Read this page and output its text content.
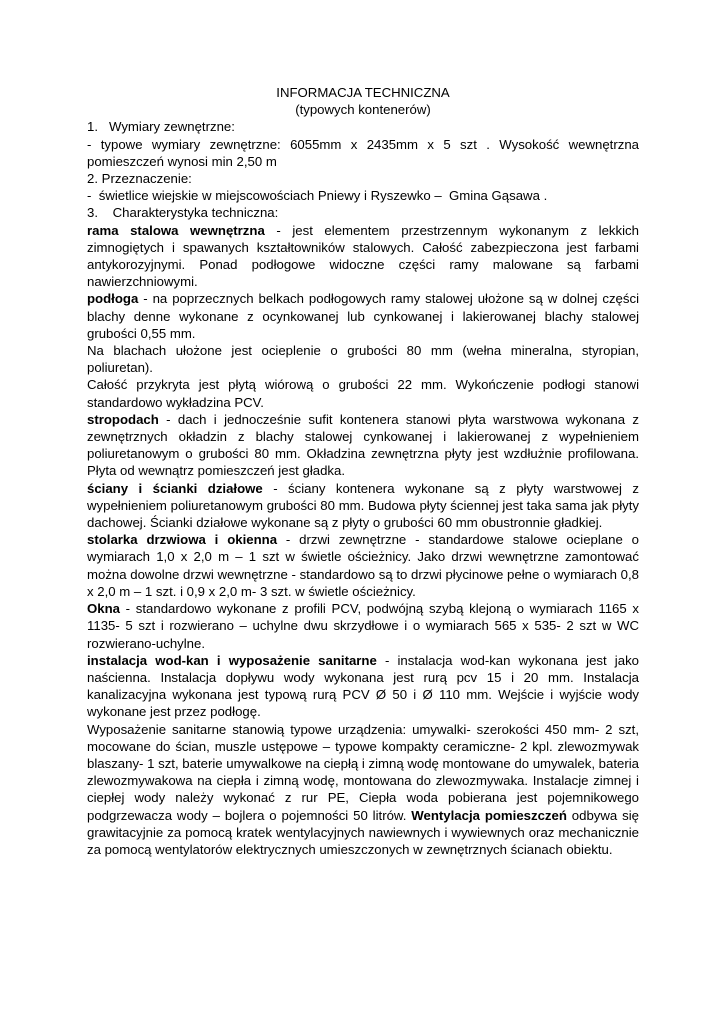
INFORMACJA TECHNICZNA
(typowych kontenerów)
1.   Wymiary zewnętrzne:
- typowe wymiary zewnętrzne: 6055mm x 2435mm x 5 szt . Wysokość wewnętrzna pomieszczeń wynosi min 2,50 m
2. Przeznaczenie:
-  świetlice wiejskie w miejscowościach Pniewy i Ryszewko –  Gmina Gąsawa .
3.    Charakterystyka techniczna:
rama stalowa wewnętrzna - jest elementem przestrzennym wykonanym z lekkich zimnogiętych i spawanych kształtowników stalowych. Całość zabezpieczona jest farbami antykorozyjnymi. Ponad podłogowe widoczne części ramy malowane są farbami nawierzchniowymi.
podłoga - na poprzecznych belkach podłogowych ramy stalowej ułożone są w dolnej części blachy denne wykonane z ocynkowanej lub cynkowanej i lakierowanej blachy stalowej grubości 0,55 mm.
Na blachach ułożone jest ocieplenie o grubości 80 mm (wełna mineralna, styropian, poliuretan).
Całość przykryta jest płytą wiórową o grubości 22 mm. Wykończenie podłogi stanowi standardowo wykładzina PCV.
stropodach - dach i jednocześnie sufit kontenera stanowi płyta warstwowa wykonana z zewnętrznych okładzin z blachy stalowej cynkowanej i lakierowanej z wypełnieniem poliuretanowym o grubości 80 mm. Okładzina zewnętrzna płyty jest wzdłużnie profilowana. Płyta od wewnątrz pomieszczeń jest gładka.
ściany i ścianki działowe - ściany kontenera wykonane są z płyty warstwowej z wypełnieniem poliuretanowym grubości 80 mm. Budowa płyty ściennej jest taka sama jak płyty dachowej. Ścianki działowe wykonane są z płyty o grubości 60 mm obustronnie gładkiej.
stolarka drzwiowa i okienna - drzwi zewnętrzne - standardowe stalowe ocieplane o wymiarach 1,0 x 2,0 m – 1 szt w świetle ościeżnicy. Jako drzwi wewnętrzne zamontować można dowolne drzwi wewnętrzne - standardowo są to drzwi płycinowe pełne o wymiarach 0,8 x 2,0 m – 1 szt. i 0,9 x 2,0 m- 3 szt. w świetle ościeżnicy.
Okna - standardowo wykonane z profili PCV, podwójną szybą klejoną o wymiarach 1165 x 1135- 5 szt i rozwierano – uchylne dwu skrzydłowe i o wymiarach 565 x 535- 2 szt w WC rozwierano-uchylne.
instalacja wod-kan i wyposażenie sanitarne - instalacja wod-kan wykonana jest jako naścienna. Instalacja dopływu wody wykonana jest rurą pcv 15 i 20 mm. Instalacja kanalizacyjna wykonana jest typową rurą PCV Ø 50 i Ø 110 mm. Wejście i wyjście wody wykonane jest przez podłogę.
Wyposażenie sanitarne stanowią typowe urządzenia: umywalki- szerokości 450 mm- 2 szt, mocowane do ścian, muszle ustępowe – typowe kompakty ceramiczne- 2 kpl. zlewozmywak blaszany- 1 szt, baterie umywalkowe na ciepłą i zimną wodę montowane do umywalek, bateria zlewozmywakowa na ciepła i zimną wodę, montowana do zlewozmywaka. Instalacje zimnej i ciepłej wody należy wykonać z rur PE, Ciepła woda pobierana jest pojemnikowego podgrzewacza wody – bojlera o pojemności 50 litrów. Wentylacja pomieszczeń odbywa się grawitacyjnie za pomocą kratek wentylacyjnych nawiewnych i wywiewnych oraz mechanicznie za pomocą wentylatorów elektrycznych umieszczonych w zewnętrznych ścianach obiektu.
